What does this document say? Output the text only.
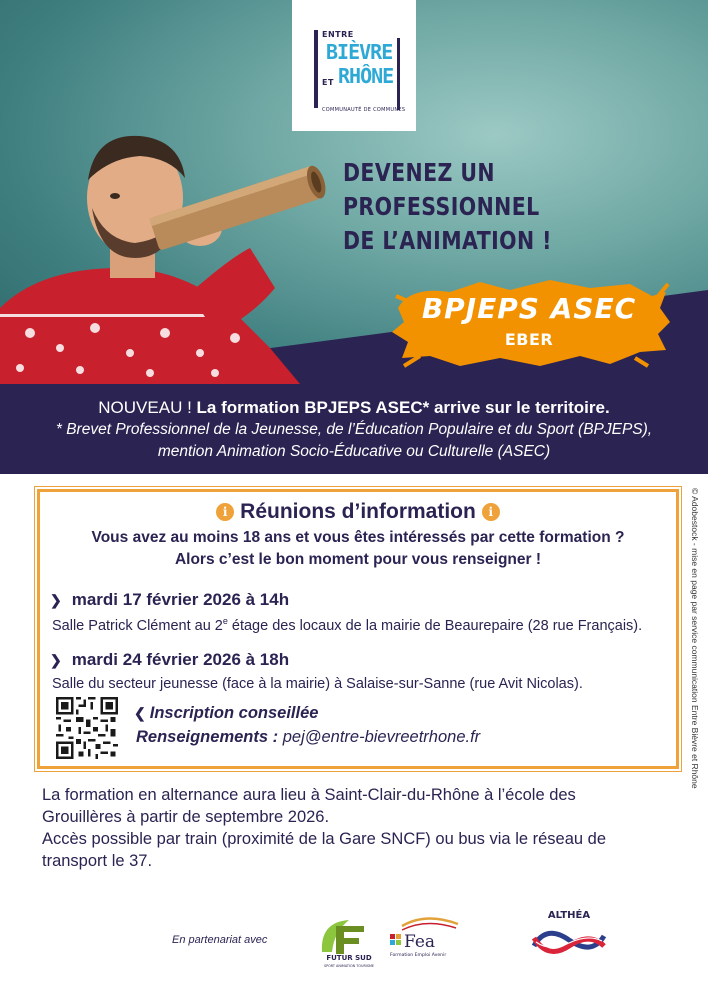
ENTRE
BIÈVRE
ET RHÔNE
COMMUNAUTÉ DE COMMUNES
DEVENEZ UN PROFESSIONNEL
DE L’ANIMATION !
BPJEPS ASEC
EBER
NOUVEAU ! La formation BPJEPS ASEC* arrive sur le territoire.
* Brevet Professionnel de la Jeunesse, de l’Éducation Populaire et du Sport (BPJEPS),
mention Animation Socio-Éducative ou Culturelle (ASEC)
i Réunions d’information i
Vous avez au moins 18 ans et vous êtes intéressés par cette formation ?
Alors c’est le bon moment pour vous renseigner !
❯ mardi 17 février 2026 à 14h
Salle Patrick Clément au 2e étage des locaux de la mairie de Beaurepaire (28 rue Français).
❯ mardi 24 février 2026 à 18h
Salle du secteur jeunesse (face à la mairie) à Salaise-sur-Sanne (rue Avit Nicolas).
❮ Inscription conseillée
Renseignements : pej@entre-bievreetrhone.fr	© Adobestock - mise en page par service communication Entre Bièvre et Rhône
La formation en alternance aura lieu à Saint-Clair-du-Rhône à l’école des
Grouillères à partir de septembre 2026.
Accès possible par train (proximité de la Gare SNCF) ou bus via le réseau de
transport le 37.
En partenariat avec
FUTUR SUD
SPORT ANIMATION TOURISME
Fea
Formation Emploi Avenir
ALTHÉA
